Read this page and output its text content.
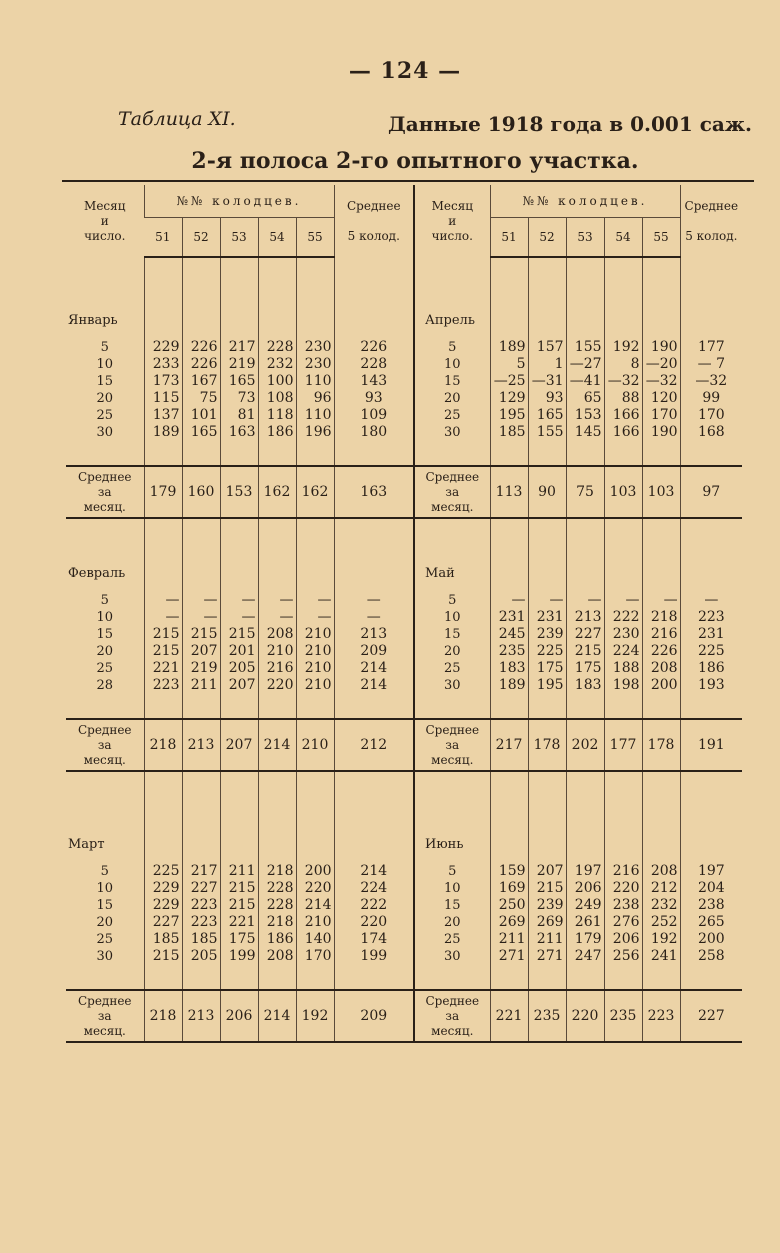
— 124 —
Таблица XI.	Данные 1918 года в 0.001 саж.
2-я полоса 2-го опытного участка.
Месяц
и
число.	№№ колодцев.					Среднее

5 колод.	Месяц
и
число.	№№ колодцев.					Среднее

5 колод.
	51	52	53	54	55			51	52	53	54	55	

Январь							Апрель						

5	229	226	217	228	230	226	5	189	157	155	192	190	177
10	233	226	219	232	230	228	10	5	1	—27	8	—20	— 7
15	173	167	165	100	110	143	15	—25	—31	—41	—32	—32	—32
20	115	75	73	108	96	93	20	129	93	65	88	120	99
25	137	101	81	118	110	109	25	195	165	153	166	170	170
30	189	165	163	186	196	180	30	185	155	145	166	190	168

Среднее
за
месяц.	179	160	153	162	162	163	Среднее
за
месяц.	113	90	75	103	103	97

Февраль							Май						

5	—	—	—	—	—	—	5	—	—	—	—	—	—
10	—	—	—	—	—	—	10	231	231	213	222	218	223
15	215	215	215	208	210	213	15	245	239	227	230	216	231
20	215	207	201	210	210	209	20	235	225	215	224	226	225
25	221	219	205	216	210	214	25	183	175	175	188	208	186
28	223	211	207	220	210	214	30	189	195	183	198	200	193

Среднее
за
месяц.	218	213	207	214	210	212	Среднее
за
месяц.	217	178	202	177	178	191

Март							Июнь						

5	225	217	211	218	200	214	5	159	207	197	216	208	197
10	229	227	215	228	220	224	10	169	215	206	220	212	204
15	229	223	215	228	214	222	15	250	239	249	238	232	238
20	227	223	221	218	210	220	20	269	269	261	276	252	265
25	185	185	175	186	140	174	25	211	211	179	206	192	200
30	215	205	199	208	170	199	30	271	271	247	256	241	258

Среднее
за
месяц.	218	213	206	214	192	209	Среднее
за
месяц.	221	235	220	235	223	227
